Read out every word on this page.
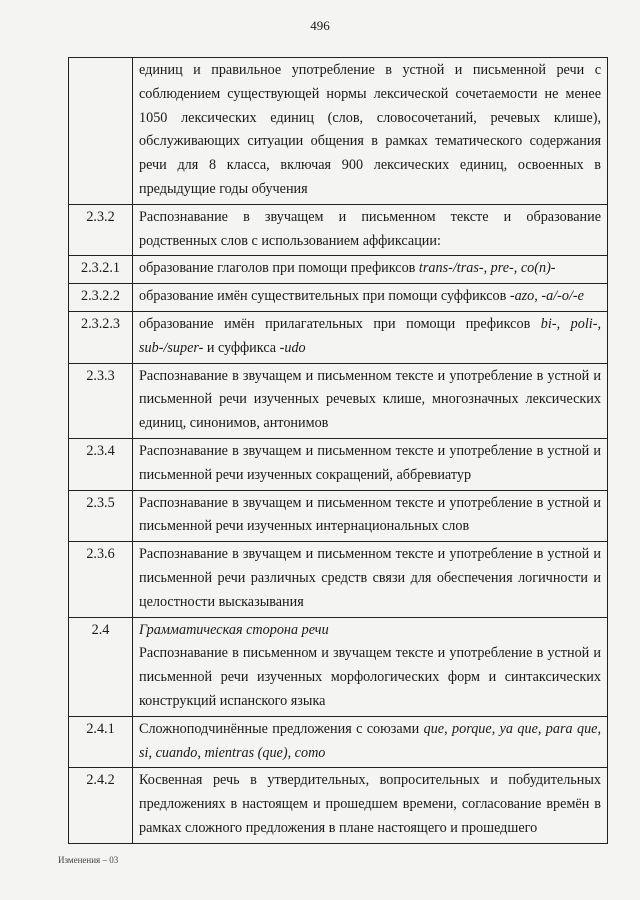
496
	единиц и правильное употребление в устной и письменной речи с соблюдением существующей нормы лексической сочетаемости не менее 1050 лексических единиц (слов, словосочетаний, речевых клише), обслуживающих ситуации общения в рамках тематического содержания речи для 8 класса, включая 900 лексических единиц, освоенных в предыдущие годы обучения
2.3.2	Распознавание в звучащем и письменном тексте и образование родственных слов с использованием аффиксации:
2.3.2.1	образование глаголов при помощи префиксов trans-/tras-, pre-, co(n)-
2.3.2.2	образование имён существительных при помощи суффиксов -azo, -a/-o/-e
2.3.2.3	образование имён прилагательных при помощи префиксов bi-, poli-, sub-/super- и суффикса -udo
2.3.3	Распознавание в звучащем и письменном тексте и употребление в устной и письменной речи изученных речевых клише, многозначных лексических единиц, синонимов, антонимов
2.3.4	Распознавание в звучащем и письменном тексте и употребление в устной и письменной речи изученных сокращений, аббревиатур
2.3.5	Распознавание в звучащем и письменном тексте и употребление в устной и письменной речи изученных интернациональных слов
2.3.6	Распознавание в звучащем и письменном тексте и употребление в устной и письменной речи различных средств связи для обеспечения логичности и целостности высказывания
2.4	Грамматическая сторона речи
Распознавание в письменном и звучащем тексте и употребление в устной и письменной речи изученных морфологических форм и синтаксических конструкций испанского языка
2.4.1	Сложноподчинённые предложения с союзами que, porque, ya que, para que, si, cuando, mientras (que), como
2.4.2	Косвенная речь в утвердительных, вопросительных и побудительных предложениях в настоящем и прошедшем времени, согласование времён в рамках сложного предложения в плане настоящего и прошедшего
Изменения – 03
